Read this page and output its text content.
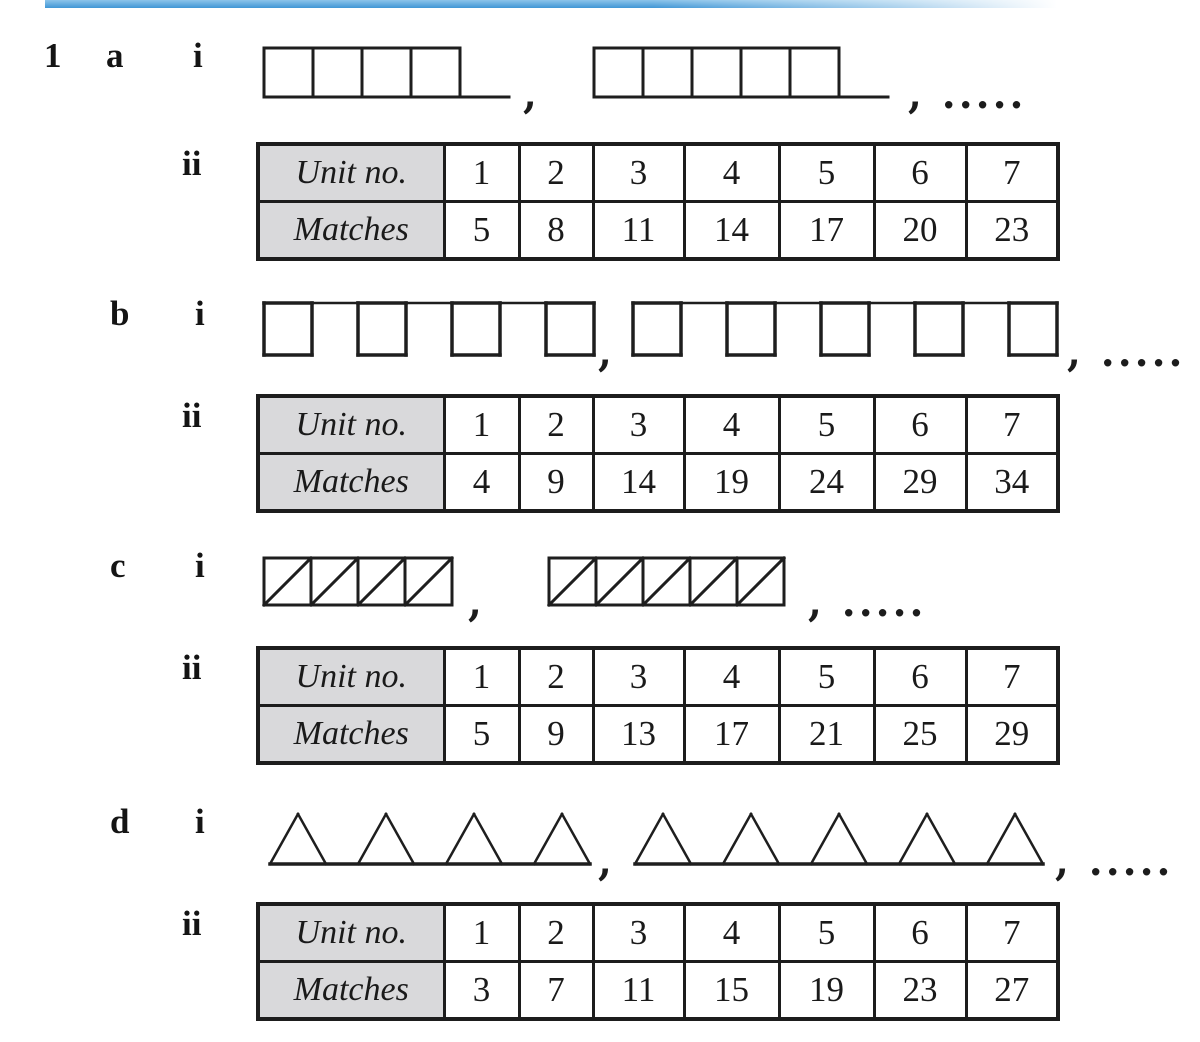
1 a i
,	, .....
ii	Unit no.	1	2	3	4	5	6	7
Matches	5	8	11	14	17	20	23
b i
,	, .....
ii	Unit no.	1	2	3	4	5	6	7
Matches	4	9	14	19	24	29	34
c i
,	, .....
ii	Unit no.	1	2	3	4	5	6	7
Matches	5	9	13	17	21	25	29
d i
,	, .....
ii	Unit no.	1	2	3	4	5	6	7
Matches	3	7	11	15	19	23	27
